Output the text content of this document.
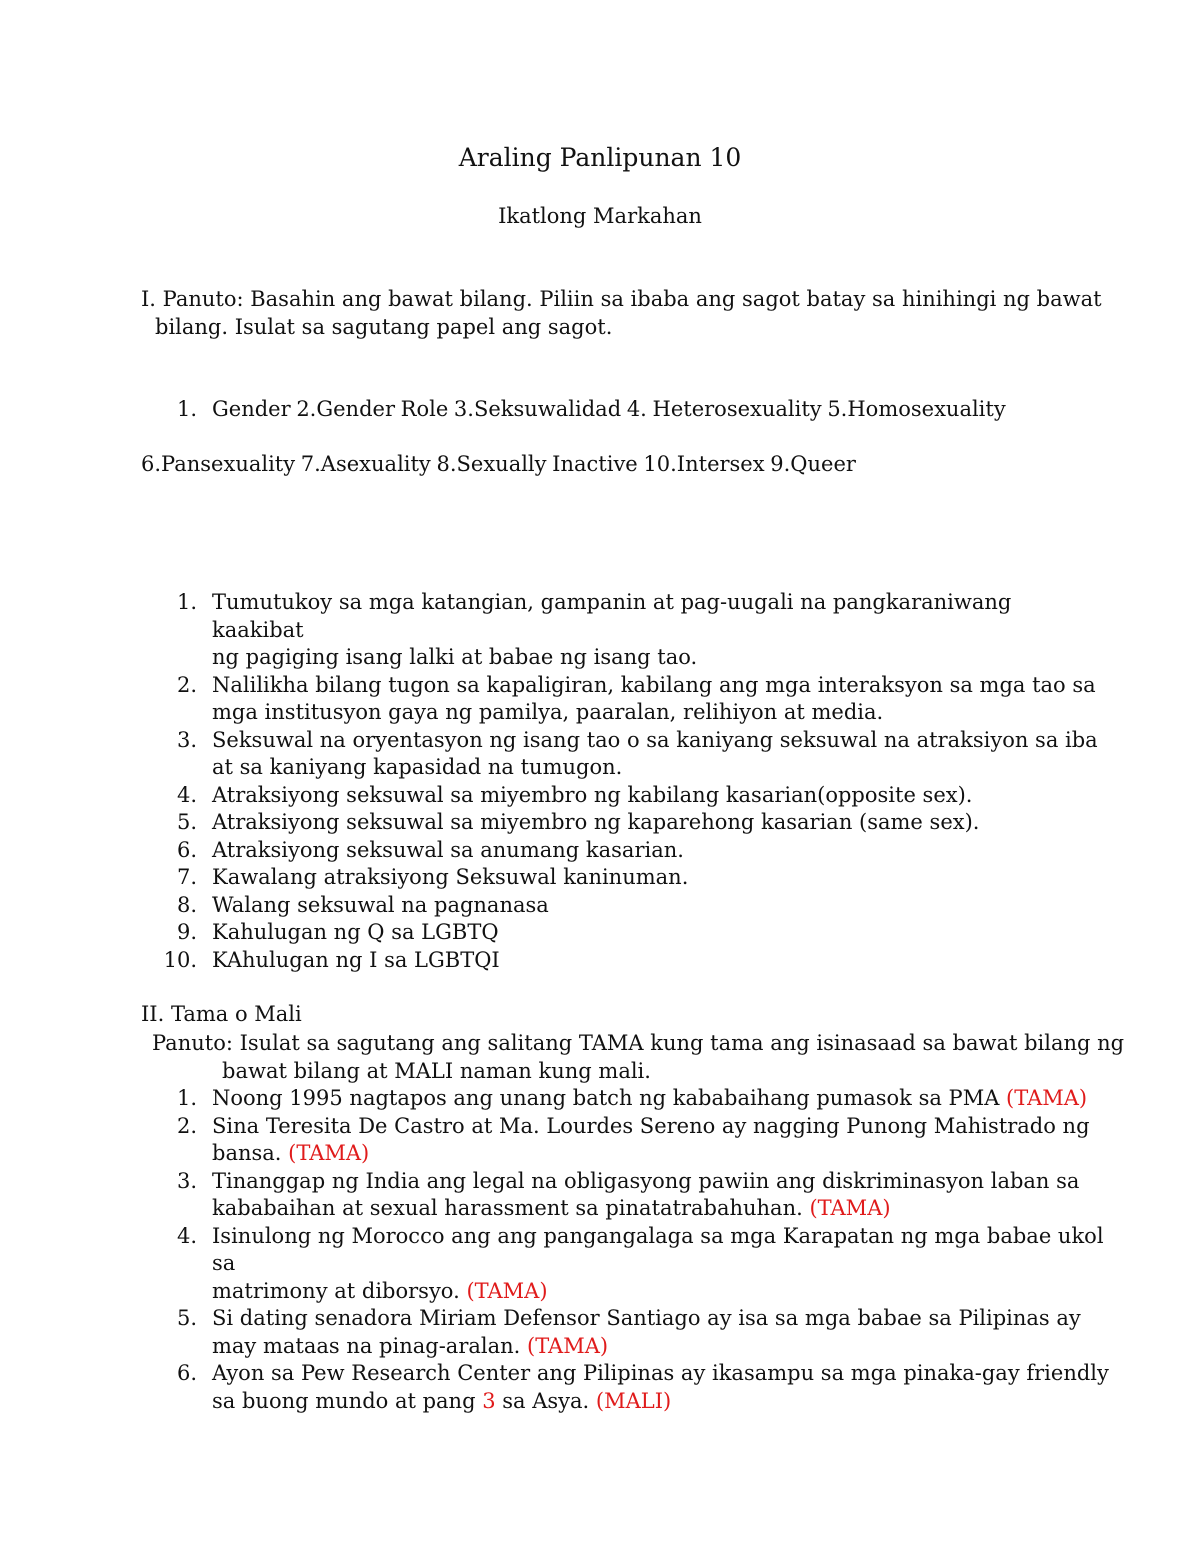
Araling Panlipunan 10
Ikatlong Markahan
I. Panuto: Basahin ang bawat bilang. Piliin sa ibaba ang sagot batay sa hinihingi ng bawat
bilang. Isulat sa sagutang papel ang sagot.
1. Gender 2.Gender Role 3.Seksuwalidad 4. Heterosexuality 5.Homosexuality
6.Pansexuality 7.Asexuality 8.Sexually Inactive 10.Intersex 9.Queer
1. Tumutukoy sa mga katangian, gampanin at pag-uugali na pangkaraniwang kaakibat
ng pagiging isang lalki at babae ng isang tao.
2. Nalilikha bilang tugon sa kapaligiran, kabilang ang mga interaksyon sa mga tao sa
mga institusyon gaya ng pamilya, paaralan, relihiyon at media.
3. Seksuwal na oryentasyon ng isang tao o sa kaniyang seksuwal na atraksiyon sa iba
at sa kaniyang kapasidad na tumugon.
4. Atraksiyong seksuwal sa miyembro ng kabilang kasarian(opposite sex).
5. Atraksiyong seksuwal sa miyembro ng kaparehong kasarian (same sex).
6. Atraksiyong seksuwal sa anumang kasarian.
7. Kawalang atraksiyong Seksuwal kaninuman.
8. Walang seksuwal na pagnanasa
9. Kahulugan ng Q sa LGBTQ
10. KAhulugan ng I sa LGBTQI
II. Tama o Mali
Panuto: Isulat sa sagutang ang salitang TAMA kung tama ang isinasaad sa bawat bilang ng
bawat bilang at MALI naman kung mali.
1. Noong 1995 nagtapos ang unang batch ng kababaihang pumasok sa PMA (TAMA)
2. Sina Teresita De Castro at Ma. Lourdes Sereno ay nagging Punong Mahistrado ng
bansa. (TAMA)
3. Tinanggap ng India ang legal na obligasyong pawiin ang diskriminasyon laban sa
kababaihan at sexual harassment sa pinatatrabahuhan. (TAMA)
4. Isinulong ng Morocco ang ang pangangalaga sa mga Karapatan ng mga babae ukol sa
matrimony at diborsyo. (TAMA)
5. Si dating senadora Miriam Defensor Santiago ay isa sa mga babae sa Pilipinas ay
may mataas na pinag-aralan. (TAMA)
6. Ayon sa Pew Research Center ang Pilipinas ay ikasampu sa mga pinaka-gay friendly
sa buong mundo at pang 3 sa Asya. (MALI)
